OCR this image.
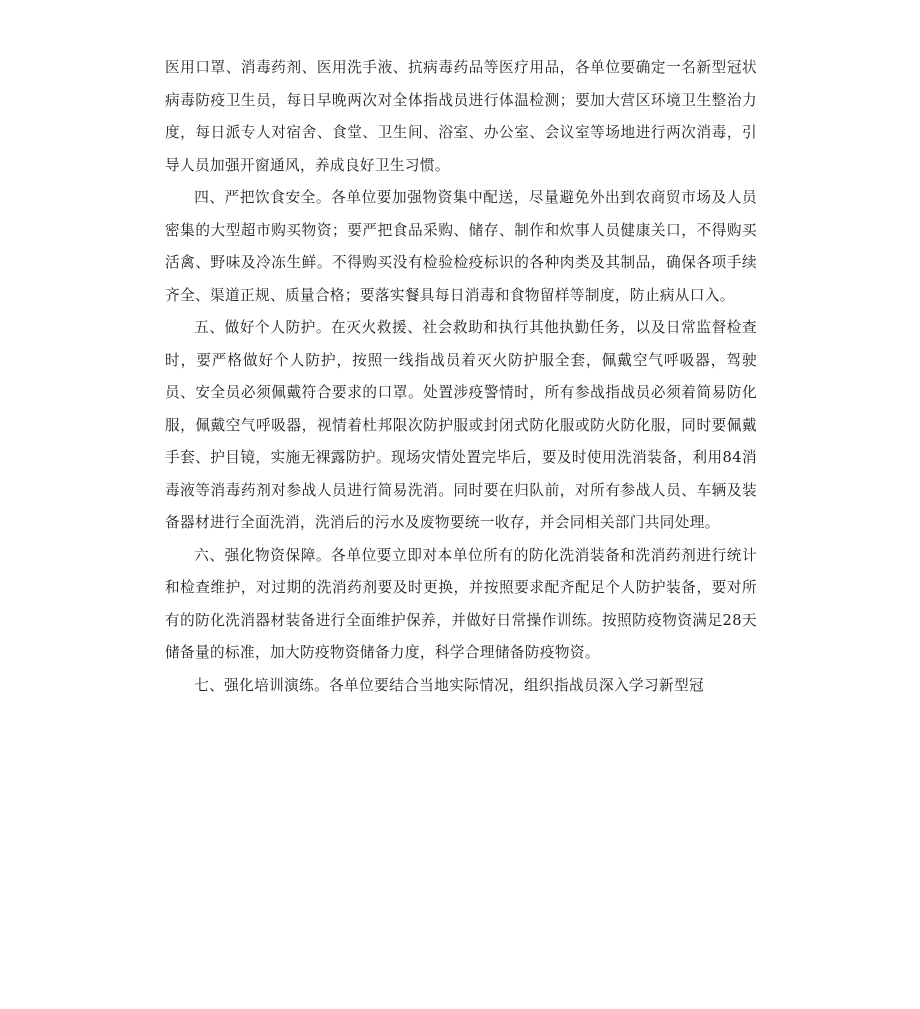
医用口罩、消毒药剂、医用洗手液、抗病毒药品等医疗用品，各单位要确定一名新型冠状病毒防疫卫生员，每日早晚两次对全体指战员进行体温检测；要加大营区环境卫生整治力度，每日派专人对宿舍、食堂、卫生间、浴室、办公室、会议室等场地进行两次消毒，引导人员加强开窗通风，养成良好卫生习惯。

四、严把饮食安全。各单位要加强物资集中配送，尽量避免外出到农商贸市场及人员密集的大型超市购买物资；要严把食品采购、储存、制作和炊事人员健康关口，不得购买活禽、野味及冷冻生鲜。不得购买没有检验检疫标识的各种肉类及其制品，确保各项手续齐全、渠道正规、质量合格；要落实餐具每日消毒和食物留样等制度，防止病从口入。

五、做好个人防护。在灭火救援、社会救助和执行其他执勤任务，以及日常监督检查时，要严格做好个人防护，按照一线指战员着灭火防护服全套，佩戴空气呼吸器，驾驶员、安全员必须佩戴符合要求的口罩。处置涉疫警情时，所有参战指战员必须着简易防化服，佩戴空气呼吸器，视情着杜邦限次防护服或封闭式防化服或防火防化服，同时要佩戴手套、护目镜，实施无裸露防护。现场灾情处置完毕后，要及时使用洗消装备，利用84消毒液等消毒药剂对参战人员进行简易洗消。同时要在归队前，对所有参战人员、车辆及装备器材进行全面洗消，洗消后的污水及废物要统一收存，并会同相关部门共同处理。

六、强化物资保障。各单位要立即对本单位所有的防化洗消装备和洗消药剂进行统计和检查维护，对过期的洗消药剂要及时更换，并按照要求配齐配足个人防护装备，要对所有的防化洗消器材装备进行全面维护保养，并做好日常操作训练。按照防疫物资满足28天储备量的标准，加大防疫物资储备力度，科学合理储备防疫物资。

七、强化培训演练。各单位要结合当地实际情况，组织指战员深入学习新型冠
